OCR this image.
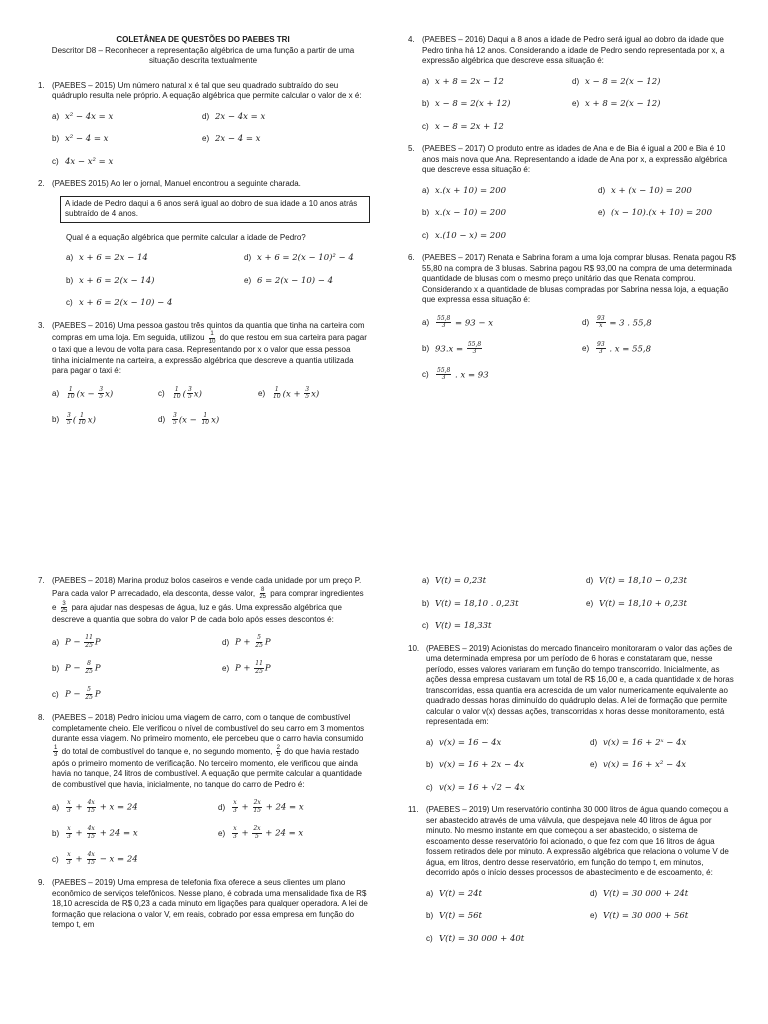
COLETÂNEA DE QUESTÕES DO PAEBES TRI
Descritor D8 – Reconhecer a representação algébrica de uma função a partir de uma situação descrita textualmente
1. (PAEBES – 2015) Um número natural x é tal que seu quadrado subtraído do seu quádruplo resulta nele próprio. A equação algébrica que permite calcular o valor de x é:
a) x² − 4x = x	d) 2x − 4x = x
b) x² − 4 = x	e) 2x − 4 = x
c) 4x − x² = x
2. (PAEBES 2015) Ao ler o jornal, Manuel encontrou a seguinte charada.
A idade de Pedro daqui a 6 anos será igual ao dobro de sua idade a 10 anos atrás subtraído de 4 anos.
Qual é a equação algébrica que permite calcular a idade de Pedro?
a) x + 6 = 2x − 14	d) x + 6 = 2(x − 10)² − 4
b) x + 6 = 2(x − 14)	e) 6 = 2(x − 10) − 4
c) x + 6 = 2(x − 10) − 4
3. (PAEBES – 2016) Uma pessoa gastou três quintos da quantia que tinha na carteira com compras em uma loja. Em seguida, utilizou $\frac{1}{10}$ do que restou em sua carteira para pagar o taxi que a levou de volta para casa. Representando por x o valor que essa pessoa tinha inicialmente na carteira, a expressão algébrica que descreve a quantia utilizada para pagar o taxi é:
a)	$\frac{1}{10} (x - \frac{3}{5} x)$	c)	$\frac{1}{10}$ ( $\frac{3}{5} x$)	e)	$\frac{1}{10} (x + \frac{3}{5} x)$
b)	$\frac{3}{5}$ ( $\frac{1}{10} x$)	d)	$\frac{3}{5} (x - \frac{1}{10} x)$
4. (PAEBES – 2016) Daqui a 8 anos a idade de Pedro será igual ao dobro da idade que Pedro tinha há 12 anos. Considerando a idade de Pedro sendo representada por x, a expressão algébrica que descreve essa situação é:
a) x + 8 = 2x − 12	d) x − 8 = 2(x − 12)
b) x − 8 = 2(x + 12)	e) x + 8 = 2(x − 12)
c) x − 8 = 2x + 12
5. (PAEBES – 2017) O produto entre as idades de Ana e de Bia é igual a 200 e Bia é 10 anos mais nova que Ana. Representando a idade de Ana por x, a expressão algébrica que descreve essa situação é:
a) x.(x + 10) = 200	d) x + (x − 10) = 200
b) x.(x − 10) = 200	e) (x − 10).(x + 10) = 200
c) x.(10 − x) = 200
6. (PAEBES – 2017) Renata e Sabrina foram a uma loja comprar blusas. Renata pagou R$ 55,80 na compra de 3 blusas. Sabrina pagou R$ 93,00 na compra de uma determinada quantidade de blusas com o mesmo preço unitário das que Renata comprou. Considerando x a quantidade de blusas compradas por Sabrina nessa loja, a equação que expressa essa situação é:
a)	$\frac{55,8}{3} = 93 - x$	d)	$\frac{93}{x} = 3$ . 55,8
b) $93.x = \frac{55,8}{3}$	e)	$\frac{93}{3}$ . x = 55,8
c)	$\frac{55,8}{3}$ . x = 93
7. (PAEBES – 2018) Marina produz bolos caseiros e vende cada unidade por um preço P. Para cada valor P arrecadado, ela desconta, desse valor, $\frac{8}{25}$ para comprar ingredientes e $\frac{3}{25}$ para ajudar nas despesas de água, luz e gás. Uma expressão algébrica que descreve a quantia que sobra do valor P de cada bolo após esses descontos é:
a) $P - \frac{11}{25}$ P	d) $P + \frac{5}{25}$ P
b) $P - \frac{8}{25}$ P	e) $P + \frac{11}{25}$ P
c) $P - \frac{5}{25}$ P
8. (PAEBES – 2018) Pedro iniciou uma viagem de carro, com o tanque de combustível completamente cheio. Ele verificou o nível de combustível do seu carro em 3 momentos durante essa viagem. No primeiro momento, ele percebeu que o carro havia consumido
$\frac{1}{3}$ do total de combustível do tanque e, no segundo momento, $\frac{2}{5}$ do que havia restado após o primeiro momento de verificação. No terceiro momento, ele verificou que ainda havia no tanque, 24 litros de combustível. A equação que permite calcular a quantidade de combustível que havia, inicialmente, no tanque do carro de Pedro é:
a)	$\frac{x}{3} + \frac{4x}{15} + x = 24$	d)	$\frac{x}{3} + \frac{2x}{15} + 24 = x$
b)	$\frac{x}{3} + \frac{4x}{15} + 24 = x$	e)	$\frac{x}{3} + \frac{2x}{5} + 24 = x$
c)	$\frac{x}{3} + \frac{4x}{15} - x = 24$
9. (PAEBES – 2019) Uma empresa de telefonia fixa oferece a seus clientes um plano econômico de serviços telefônicos. Nesse plano, é cobrada uma mensalidade fixa de R$ 18,10 acrescida de R$ 0,23 a cada minuto em ligações para qualquer operadora. A lei de formação que relaciona o valor V, em reais, cobrado por essa empresa em função do tempo t, em
a) V(t) = 0,23t	d) V(t) = 18,10 − 0,23t
b) V(t) = 18,10 . 0,23t	e) V(t) = 18,10 + 0,23t
c) V(t) = 18,33t
10. (PAEBES – 2019) Acionistas do mercado financeiro monitoraram o valor das ações de uma determinada empresa por um período de 6 horas e constataram que, nesse período, esses valores variaram em função do tempo transcorrido. Inicialmente, as ações dessa empresa custavam um total de R$ 16,00 e, a cada quantidade x de horas transcorridas, essa quantia era acrescida de um valor numericamente equivalente ao quadrado dessas horas diminuído do quádruplo delas. A lei de formação que permite calcular o valor v(x) dessas ações, transcorridas x horas desse monitoramento, está representada em:
a) v(x) = 16 − 4x	d) v(x) = 16 + 2ˣ − 4x
b) v(x) = 16 + 2x − 4x	e) v(x) = 16 + x² − 4x
c) v(x) = 16 + √2 − 4x
11. (PAEBES – 2019) Um reservatório continha 30 000 litros de água quando começou a ser abastecido através de uma válvula, que despejava nele 40 litros de água por minuto. No mesmo instante em que começou a ser abastecido, o sistema de escoamento desse reservatório foi acionado, o que fez com que 16 litros de água fossem retirados dele por minuto. A expressão algébrica que relaciona o volume V de água, em litros, dentro desse reservatório, em função do tempo t, em minutos, decorrido após o início desses processos de abastecimento e de escoamento, é:
a) V(t) = 24t	d) V(t) = 30 000 + 24t
b) V(t) = 56t	e) V(t) = 30 000 + 56t
c) V(t) = 30 000 + 40t
